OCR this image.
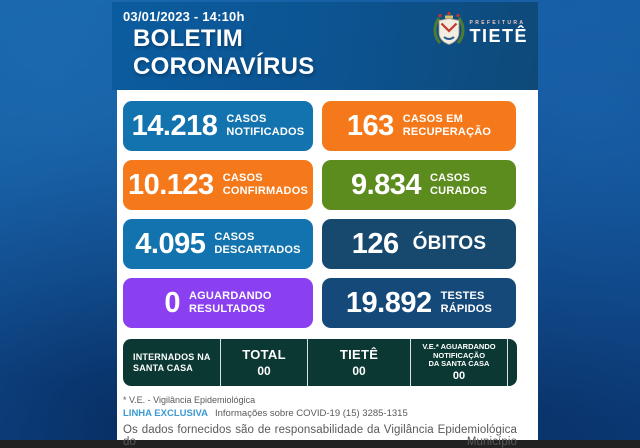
03/01/2023 - 14:10h
BOLETIM
CORONAVÍRUS
PREFEITURA
TIETÊ
14.218 CASOS
NOTIFICADOS 163 CASOS EM
RECUPERAÇÃO
10.123 CASOS
CONFIRMADOS 9.834 CASOS
CURADOS
4.095 CASOS
DESCARTADOS 126 ÓBITOS
0 AGUARDANDO
RESULTADOS	19.892 TESTES
RÁPIDOS
INTERNADOS NA
SANTA CASA
TOTAL
00
TIETÊ
00
V.E.* AGUARDANDO
NOTIFICAÇÃO
DA SANTA CASA
00
* V.E. - Vigilância Epidemiológica
LINHA EXCLUSIVA Informações sobre COVID-19 (15) 3285-1315
Os dados fornecidos são de responsabilidade da Vigilância Epidemiológica do Município
